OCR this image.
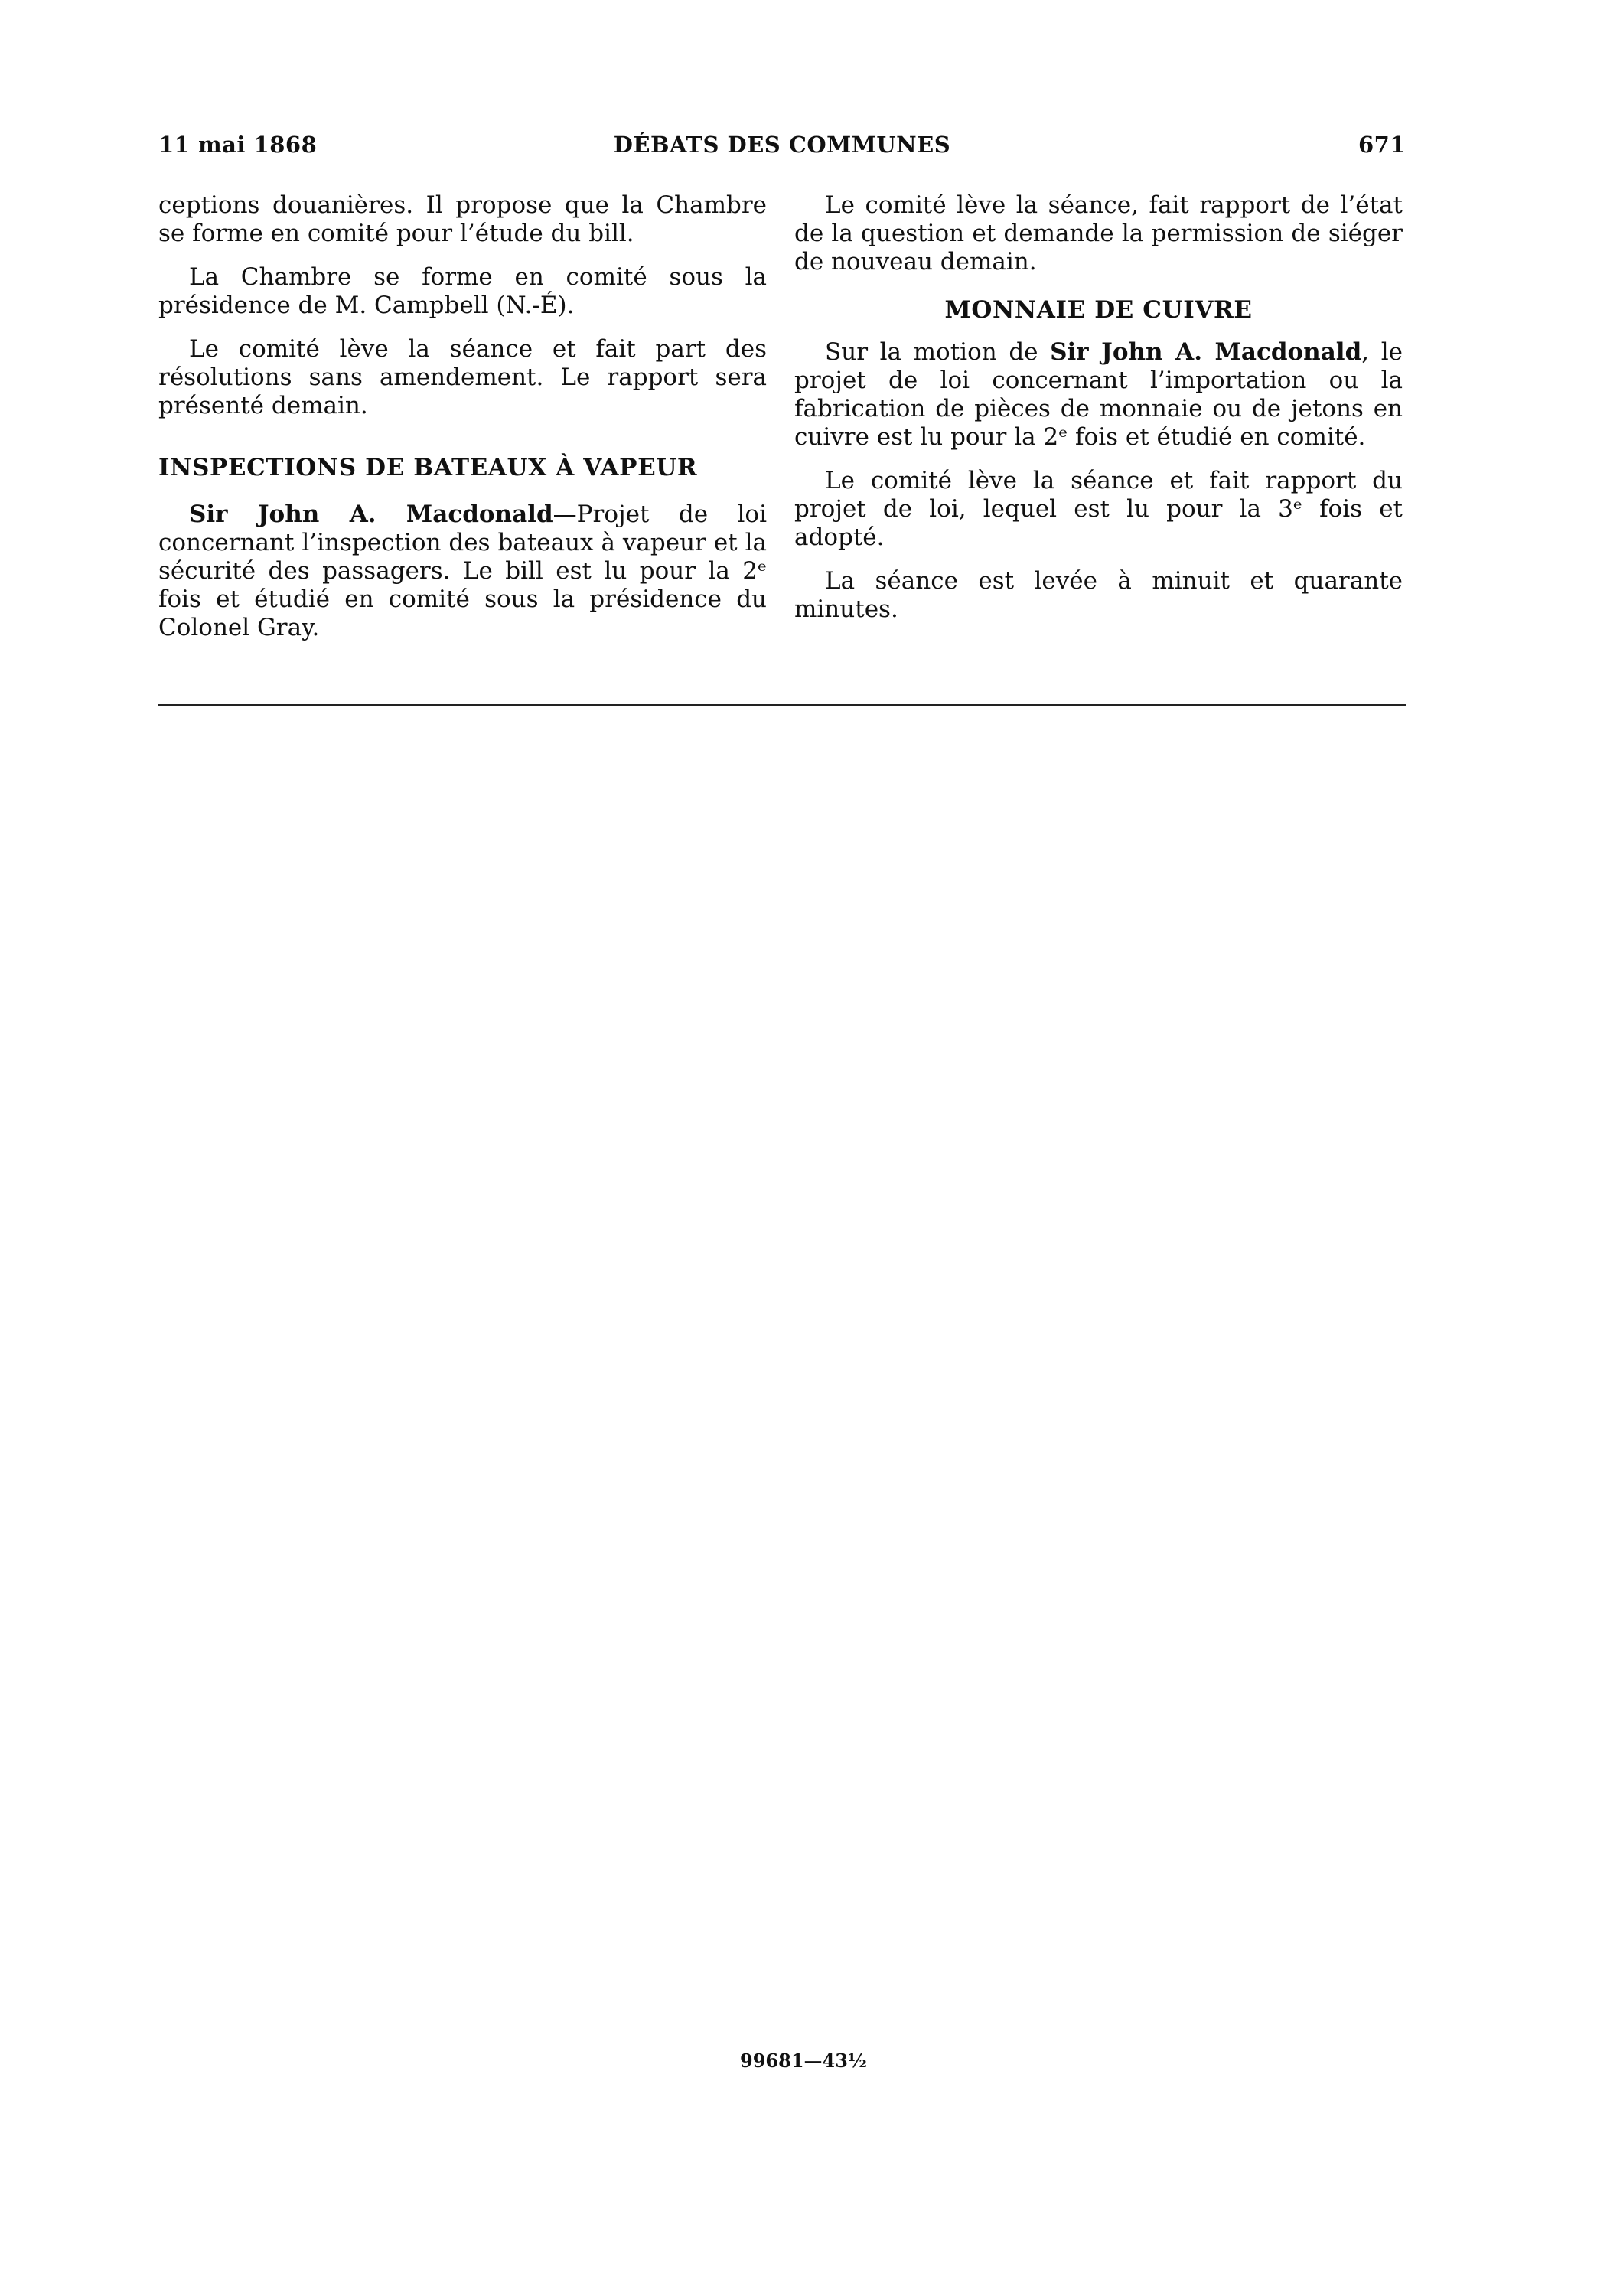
11 mai 1868	DÉBATS DES COMMUNES	671

ceptions douanières. Il propose que la Chambre se forme en comité pour l’étude du bill.

La Chambre se forme en comité sous la présidence de M. Campbell (N.-É).

Le comité lève la séance et fait part des résolutions sans amendement. Le rapport sera présenté demain.

INSPECTIONS DE BATEAUX À VAPEUR

Sir John A. Macdonald—Projet de loi concernant l’inspection des bateaux à vapeur et la sécurité des passagers. Le bill est lu pour la 2ᵉ fois et étudié en comité sous la présidence du Colonel Gray.

Le comité lève la séance, fait rapport de l’état de la question et demande la permission de siéger de nouveau demain.

MONNAIE DE CUIVRE

Sur la motion de Sir John A. Macdonald, le projet de loi concernant l’importation ou la fabrication de pièces de monnaie ou de jetons en cuivre est lu pour la 2ᵉ fois et étudié en comité.

Le comité lève la séance et fait rapport du projet de loi, lequel est lu pour la 3ᵉ fois et adopté.

La séance est levée à minuit et quarante minutes.

99681—43½
